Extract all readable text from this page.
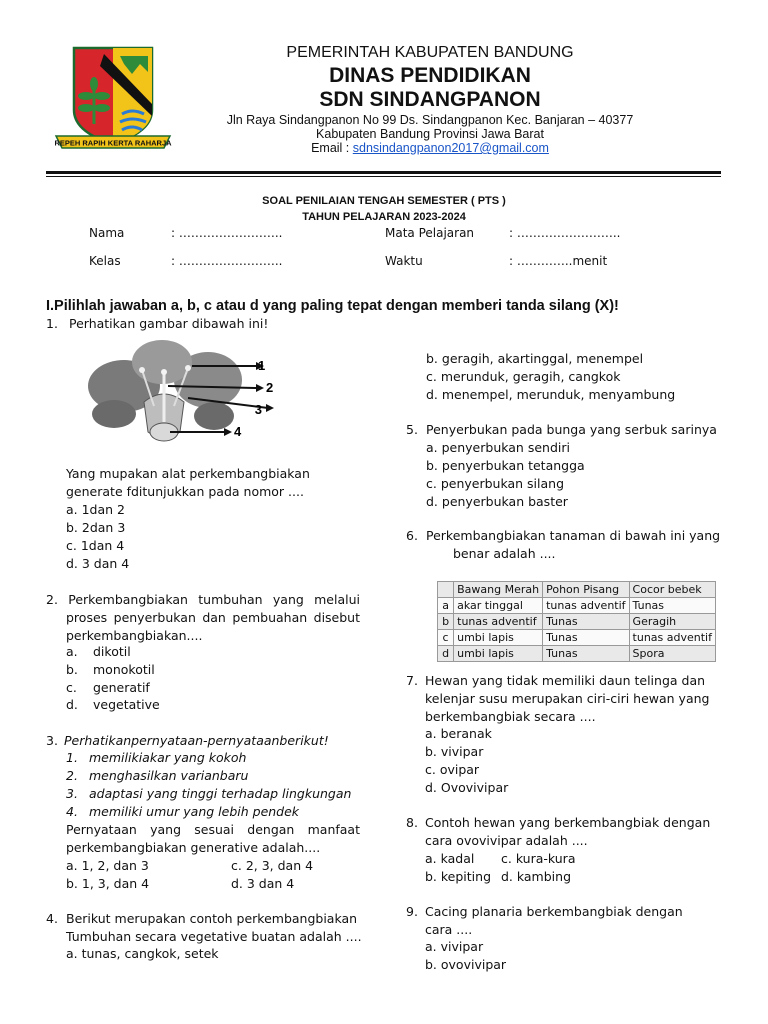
REPEH RAPIH KERTA RAHARJA
PEMERINTAH KABUPATEN BANDUNG
DINAS PENDIDIKAN
SDN SINDANGPANON
Jln Raya Sindangpanon No 99 Ds. Sindangpanon Kec. Banjaran – 40377
Kabupaten Bandung Provinsi Jawa Barat
Email : sdnsindangpanon2017@gmail.com
SOAL PENILAIAN TENGAH SEMESTER ( PTS )
TAHUN PELAJARAN 2023-2024
Nama	: ……………………..	Mata Pelajaran	: ……………………..
Kelas	: ……………………..	Waktu	: …………..menit
I.Pilihlah jawaban a, b, c atau d yang paling tepat dengan memberi tanda silang (X)!
1. Perhatikan gambar dibawah ini!
1
2
3
4
Yang mupakan alat perkembangbiakan
generate fditunjukkan pada nomor ....
a. 1dan 2
b. 2dan 3
c. 1dan 4
d. 3 dan 4
2. Perkembangbiakan tumbuhan yang melalui
proses penyerbukan dan pembuahan disebut
perkembangbiakan....
a. dikotil
b. monokotil
c. generatif
d. vegetative
3. Perhatikanpernyataan-pernyataanberikut!
1. memilikiakar yang kokoh
2. menghasilkan varianbaru
3. adaptasi yang tinggi terhadap lingkungan
4. memiliki umur yang lebih pendek
Pernyataan yang sesuai dengan manfaat
perkembangbiakan generative adalah....
a. 1, 2, dan 3	c. 2, 3, dan 4
b. 1, 3, dan 4	d. 3 dan 4
4. Berikut merupakan contoh perkembangbiakan
Tumbuhan secara vegetative buatan adalah ....
a. tunas, cangkok, setek
b. geragih, akartinggal, menempel
c. merunduk, geragih, cangkok
d. menempel, merunduk, menyambung
5. Penyerbukan pada bunga yang serbuk sarinya
a. penyerbukan sendiri
b. penyerbukan tetangga
c. penyerbukan silang
d. penyerbukan baster
6. Perkembangbiakan tanaman di bawah ini yang
benar adalah ....
	Bawang Merah	Pohon Pisang	Cocor bebek
a	akar tinggal	tunas adventif	Tunas
b	tunas adventif	Tunas	Geragih
c	umbi lapis	Tunas	tunas adventif
d	umbi lapis	Tunas	Spora
7. Hewan yang tidak memiliki daun telinga dan
kelenjar susu merupakan ciri-ciri hewan yang
berkembangbiak secara ....
a. beranak
b. vivipar
c. ovipar
d. Ovovivipar
8. Contoh hewan yang berkembangbiak dengan
cara ovovivipar adalah ....
a. kadal c. kura-kura
b. kepiting d. kambing
9. Cacing planaria berkembangbiak dengan
cara ....
a. vivipar
b. ovovivipar
